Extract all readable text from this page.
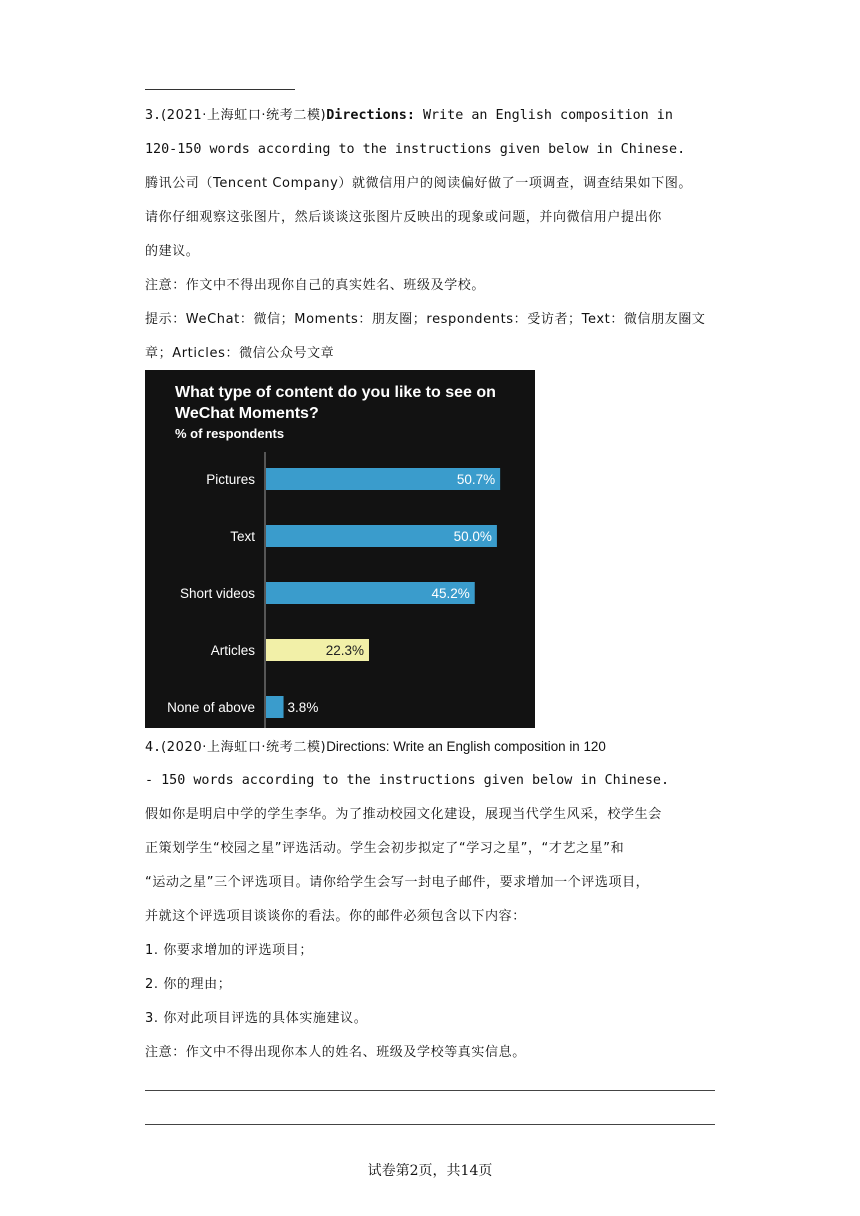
3.(2021·上海虹口·统考二模)Directions: Write an English composition in
120-150 words according to the instructions given below in Chinese.
腾讯公司（Tencent Company）就微信用户的阅读偏好做了一项调查，调查结果如下图。
请你仔细观察这张图片，然后谈谈这张图片反映出的现象或问题，并向微信用户提出你
的建议。
注意：作文中不得出现你自己的真实姓名、班级及学校。
提示：WeChat：微信；Moments：朋友圈；respondents：受访者；Text：微信朋友圈文
章；Articles：微信公众号文章
What type of content do you like to see on WeChat Moments?
% of respondents
Pictures	50.7%
Text	50.0%
Short videos	45.2%
Articles	22.3%
None of above 3.8%
4.(2020·上海虹口·统考二模)Directions: Write an English composition in 120
- 150 words according to the instructions given below in Chinese.
假如你是明启中学的学生李华。为了推动校园文化建设，展现当代学生风采，校学生会
正策划学生“校园之星”评选活动。学生会初步拟定了“学习之星”，“才艺之星”和
“运动之星”三个评选项目。请你给学生会写一封电子邮件，要求增加一个评选项目，
并就这个评选项目谈谈你的看法。你的邮件必须包含以下内容：
1. 你要求增加的评选项目；
2. 你的理由；
3. 你对此项目评选的具体实施建议。
注意：作文中不得出现你本人的姓名、班级及学校等真实信息。
试卷第2页，共14页
